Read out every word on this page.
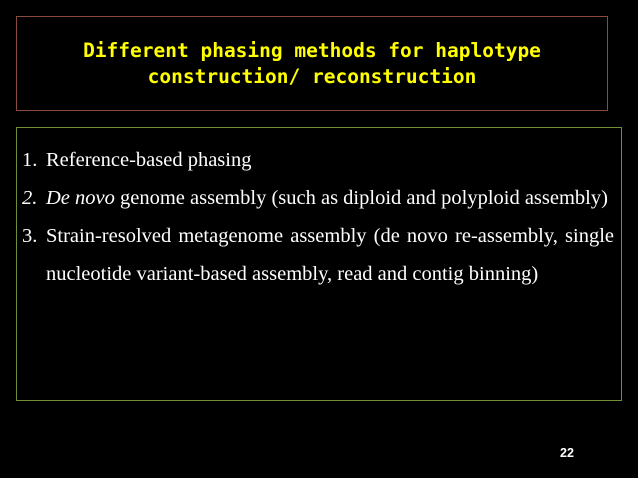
Different phasing methods for haplotype
construction/ reconstruction

1. Reference-based phasing
2. De novo genome assembly (such as diploid and polyploid assembly)
3. Strain-resolved metagenome assembly (de novo re-assembly, single nucleotide variant-based assembly, read and contig binning)
22
